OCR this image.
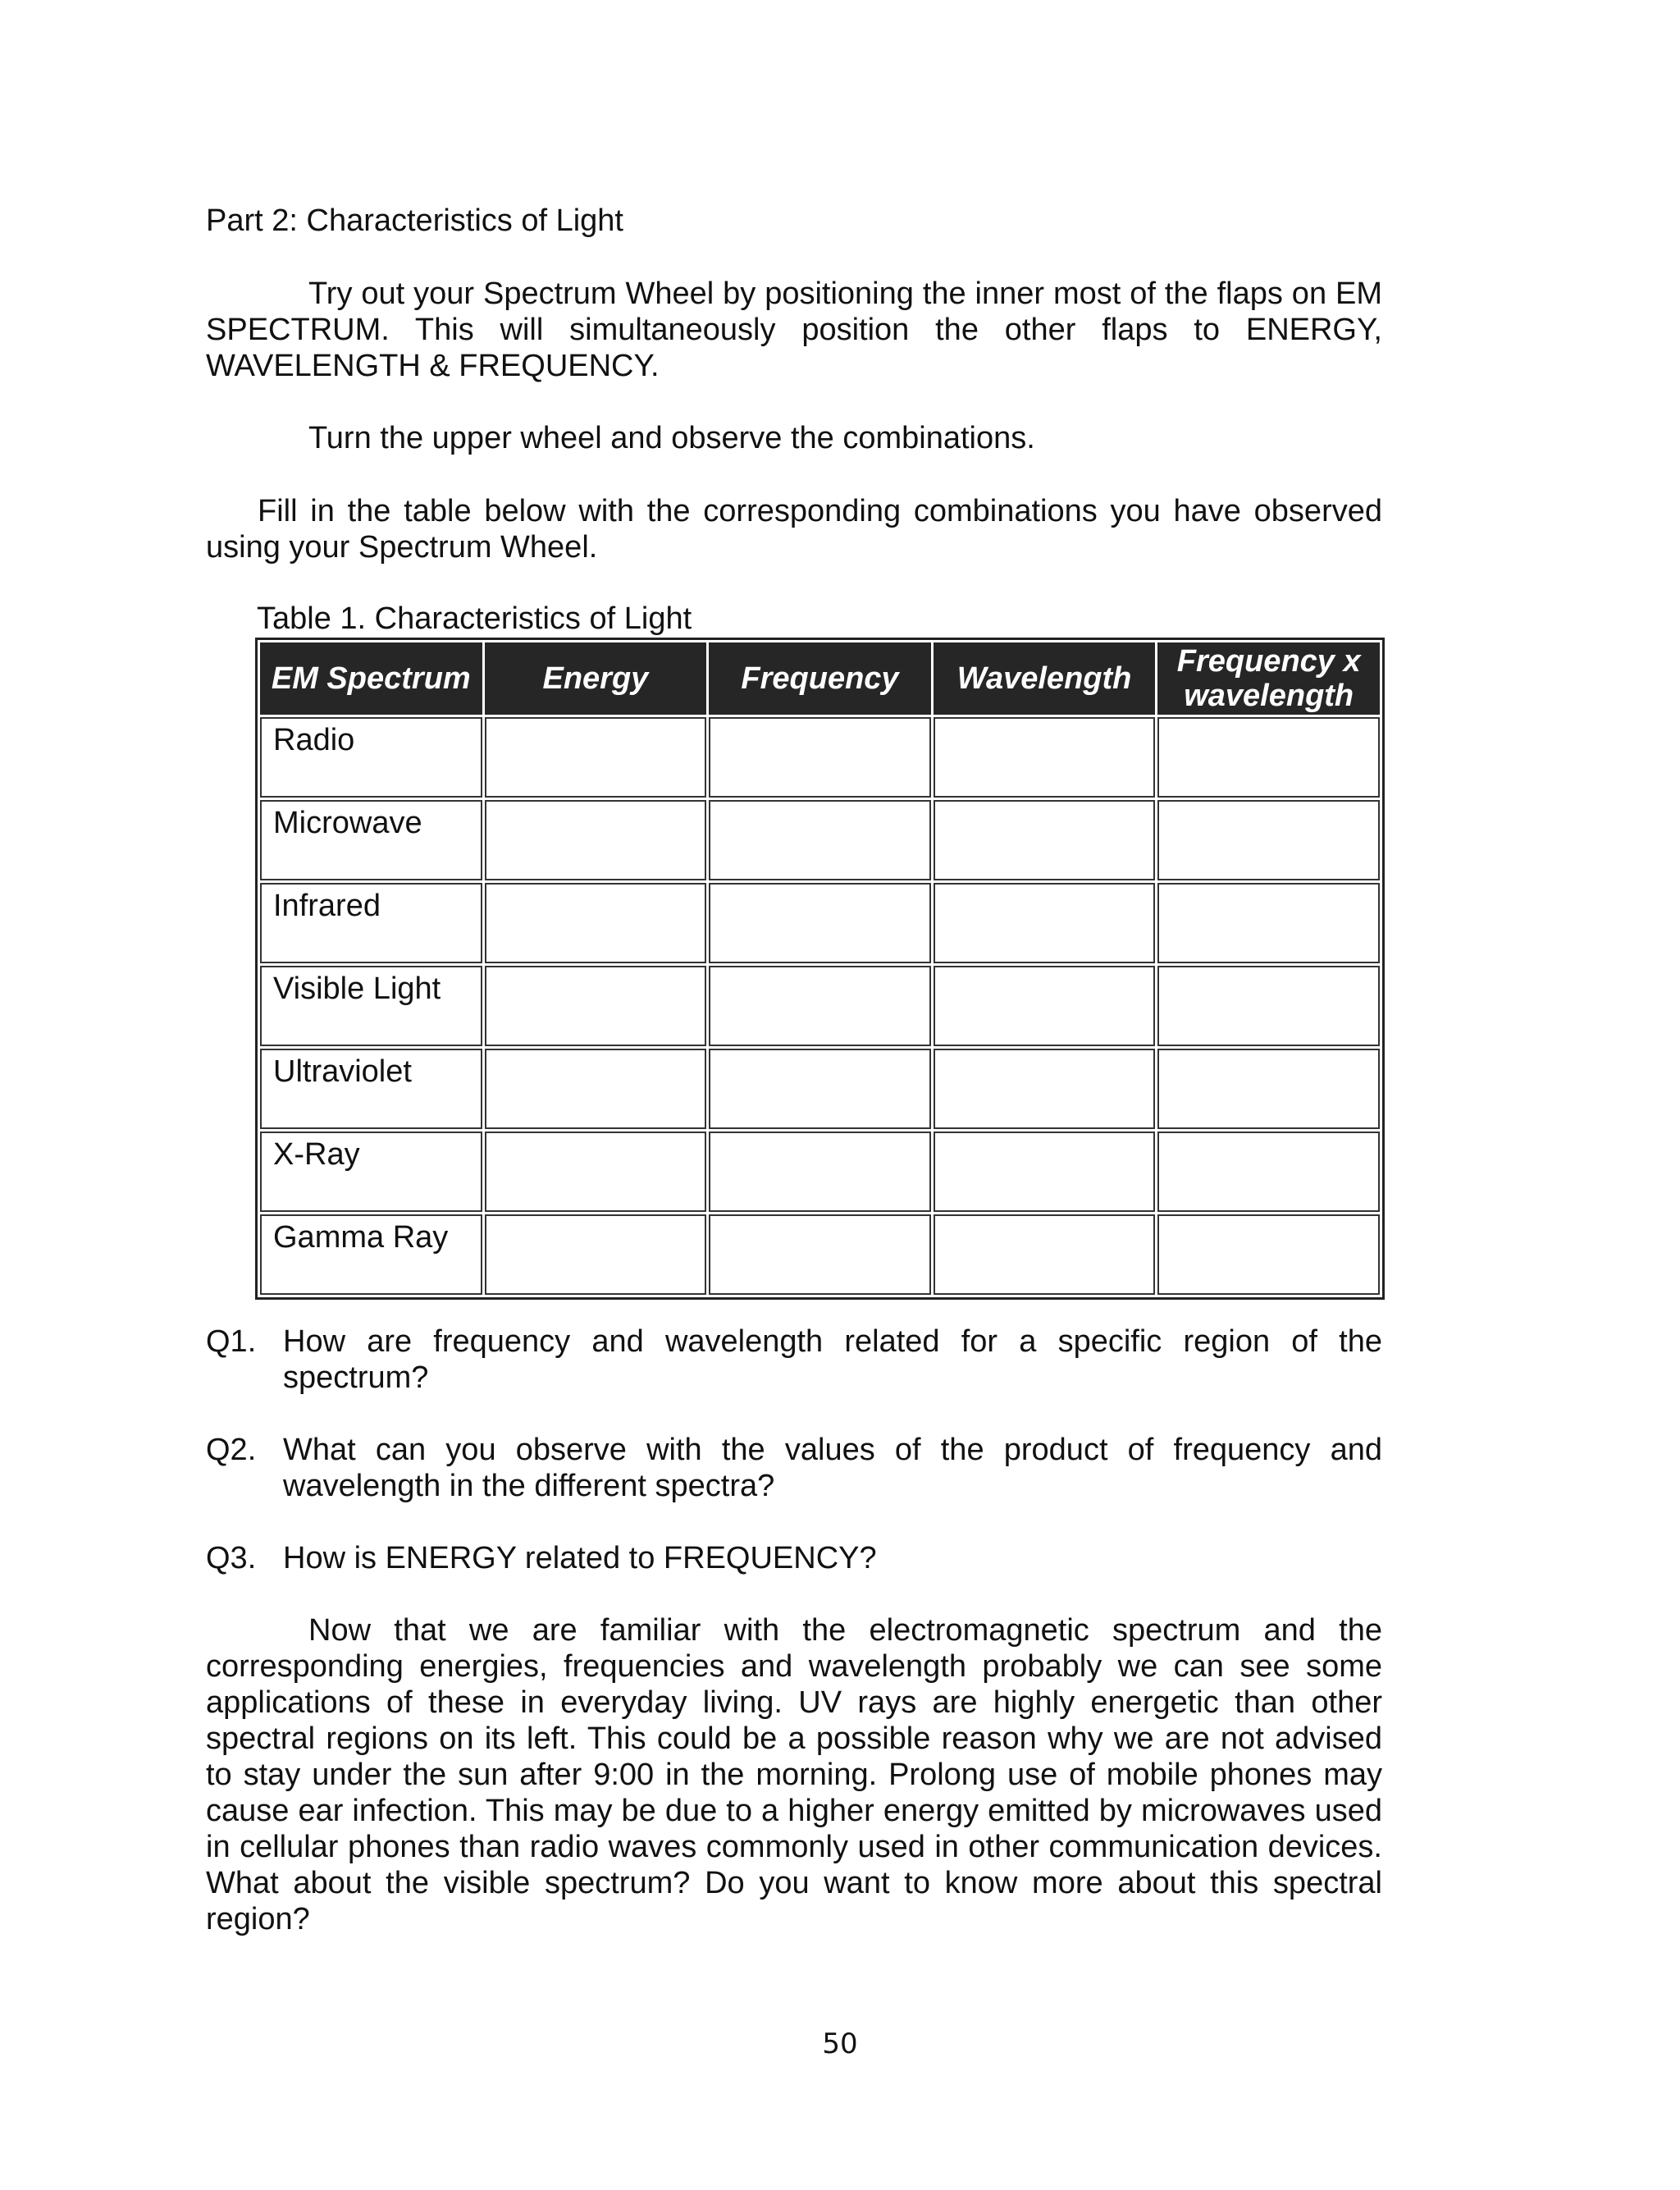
Part 2: Characteristics of Light
Try out your Spectrum Wheel by positioning the inner most of the flaps on EM SPECTRUM. This will simultaneously position the other flaps to ENERGY, WAVELENGTH & FREQUENCY.
Turn the upper wheel and observe the combinations.
Fill in the table below with the corresponding combinations you have observed using your Spectrum Wheel.
Table 1. Characteristics of Light
EM Spectrum	Energy	Frequency	Wavelength	Frequency x wavelength
Radio				
Microwave				
Infrared				
Visible Light				
Ultraviolet				
X-Ray				
Gamma Ray				
Q1. How are frequency and wavelength related for a specific region of the spectrum?
Q2. What can you observe with the values of the product of frequency and wavelength in the different spectra?
Q3. How is ENERGY related to FREQUENCY?
Now that we are familiar with the electromagnetic spectrum and the corresponding energies, frequencies and wavelength probably we can see some applications of these in everyday living. UV rays are highly energetic than other spectral regions on its left. This could be a possible reason why we are not advised to stay under the sun after 9:00 in the morning. Prolong use of mobile phones may cause ear infection. This may be due to a higher energy emitted by microwaves used in cellular phones than radio waves commonly used in other communication devices. What about the visible spectrum? Do you want to know more about this spectral region?
50
